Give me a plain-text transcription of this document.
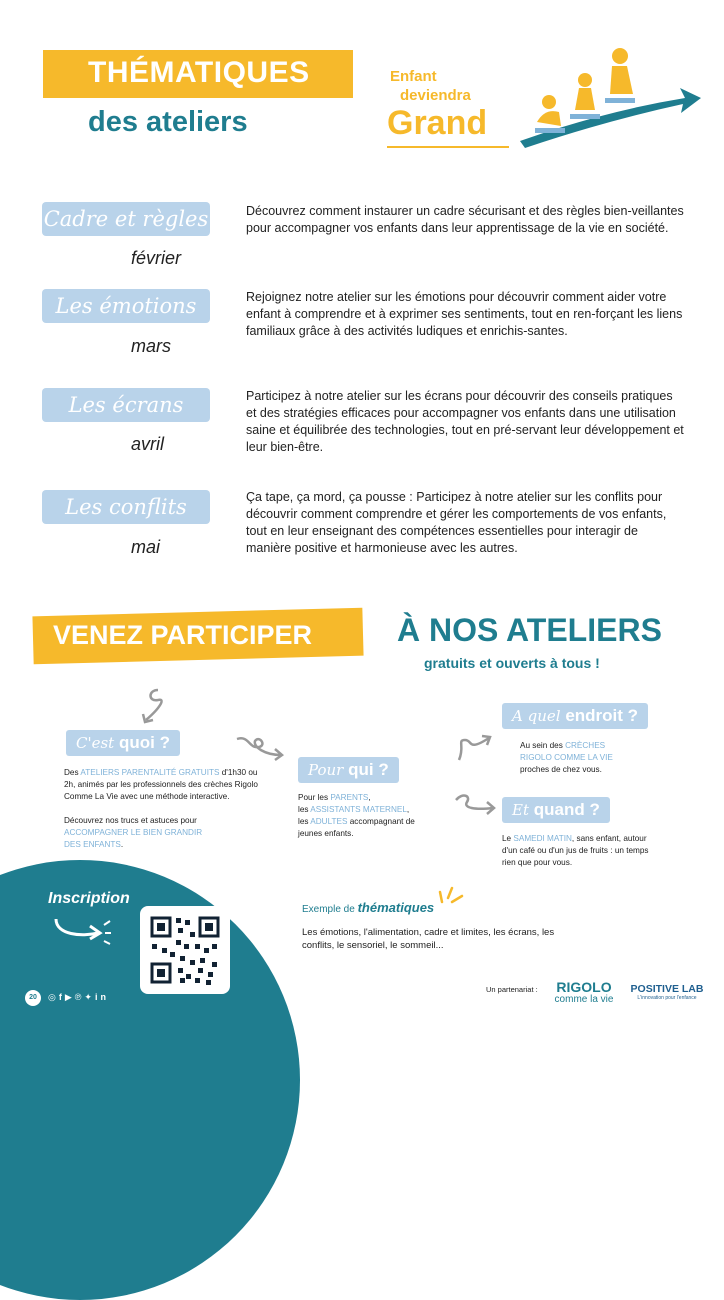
THÉMATIQUES
des ateliers
Enfant
deviendra
Grand
Cadre et règles
février
Découvrez comment instaurer un cadre sécurisant et des règles bien-veillantes pour accompagner vos enfants dans leur apprentissage de la vie en société.
Les émotions
mars
Rejoignez notre atelier sur les émotions pour découvrir comment aider votre enfant à comprendre et à exprimer ses sentiments, tout en ren-forçant les liens familiaux grâce à des activités ludiques et enrichis-santes.
Les écrans
avril
Participez à notre atelier sur les écrans pour découvrir des conseils pratiques et des stratégies efficaces pour accompagner vos enfants dans une utilisation saine et équilibrée des technologies, tout en pré-servant leur développement et leur bien-être.
Les conflits
mai
Ça tape, ça mord, ça pousse : Participez à notre atelier sur les conflits pour découvrir comment comprendre et gérer les comportements de vos enfants, tout en leur enseignant des compétences essentielles pour interagir de manière positive et harmonieuse avec les autres.
VENEZ PARTICIPER	À NOS ATELIERS
gratuits et ouverts à tous !
C'est quoi ?
Des ATELIERS PARENTALITÉ GRATUITS d'1h30 ou 2h, animés par les professionnels des crèches Rigolo Comme La Vie avec une méthode interactive.
Découvrez nos trucs et astuces pour ACCOMPAGNER LE BIEN GRANDIR DES ENFANTS.
Pour qui ?
Pour les PARENTS,
les ASSISTANTS MATERNEL,
les ADULTES accompagnant de jeunes enfants.
A quel endroit ?
Au sein des CRÈCHES RIGOLO COMME LA VIE proches de chez vous.
Et quand ?
Le SAMEDI MATIN, sans enfant, autour d'un café ou d'un jus de fruits : un temps rien que pour vous.
Inscription
Exemple de thématiques
Les émotions, l'alimentation, cadre et limites, les écrans, les conflits, le sensoriel, le sommeil...
20	◎f▶℗✦in
Un partenariat :	RIGOLO
comme la vie
POSITIVE LAB
L'innovation pour l'enfance
